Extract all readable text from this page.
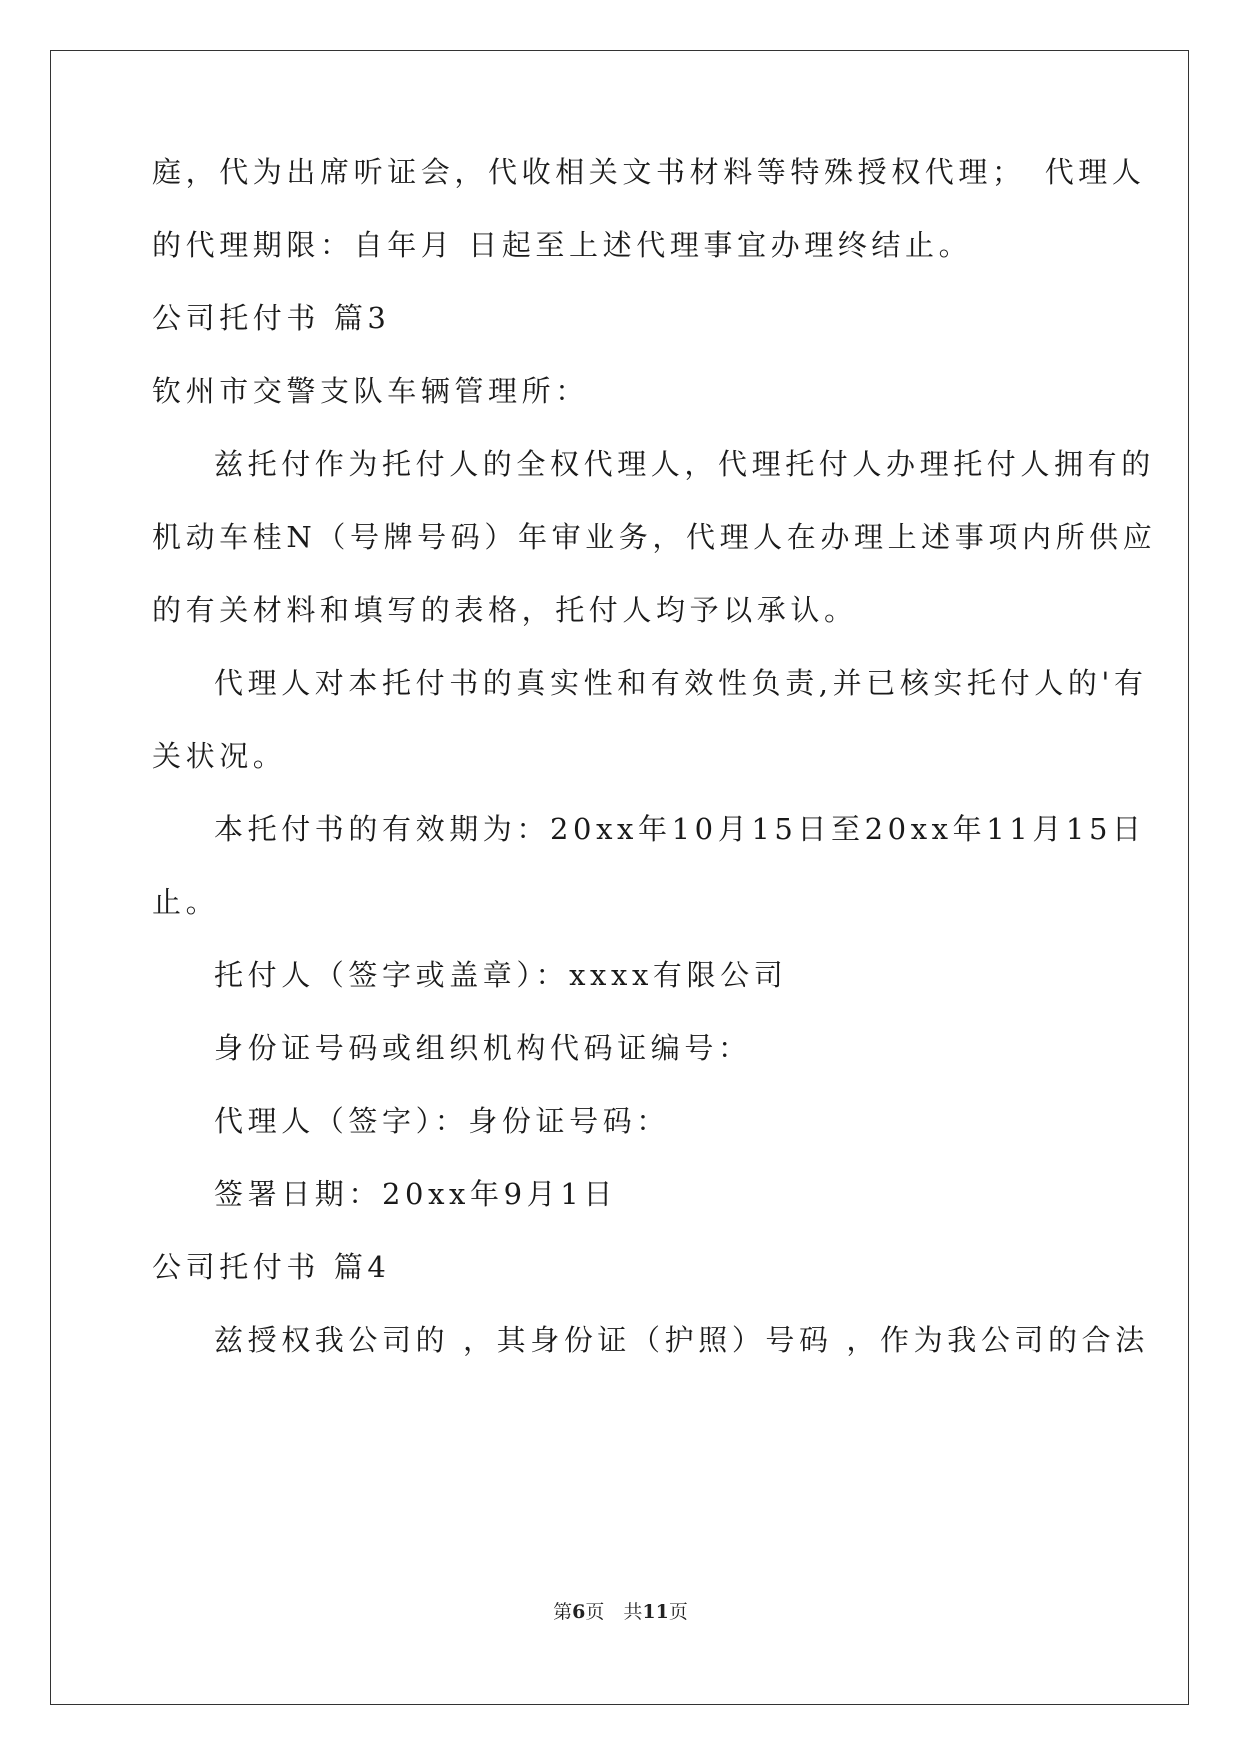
庭，代为出席听证会，代收相关文书材料等特殊授权代理；　代理人
的代理期限：自年月 日起至上述代理事宜办理终结止。
公司托付书 篇3
钦州市交警支队车辆管理所：
兹托付作为托付人的全权代理人，代理托付人办理托付人拥有的
机动车桂N（号牌号码）年审业务，代理人在办理上述事项内所供应
的有关材料和填写的表格，托付人均予以承认。
代理人对本托付书的真实性和有效性负责,并已核实托付人的'有
关状况。
本托付书的有效期为：20xx年10月15日至20xx年11月15日
止。
托付人（签字或盖章）：xxxx有限公司
身份证号码或组织机构代码证编号：
代理人（签字）：身份证号码：
签署日期：20xx年9月1日
公司托付书 篇4
兹授权我公司的 ，其身份证（护照）号码 ，作为我公司的合法
第6页　共11页
